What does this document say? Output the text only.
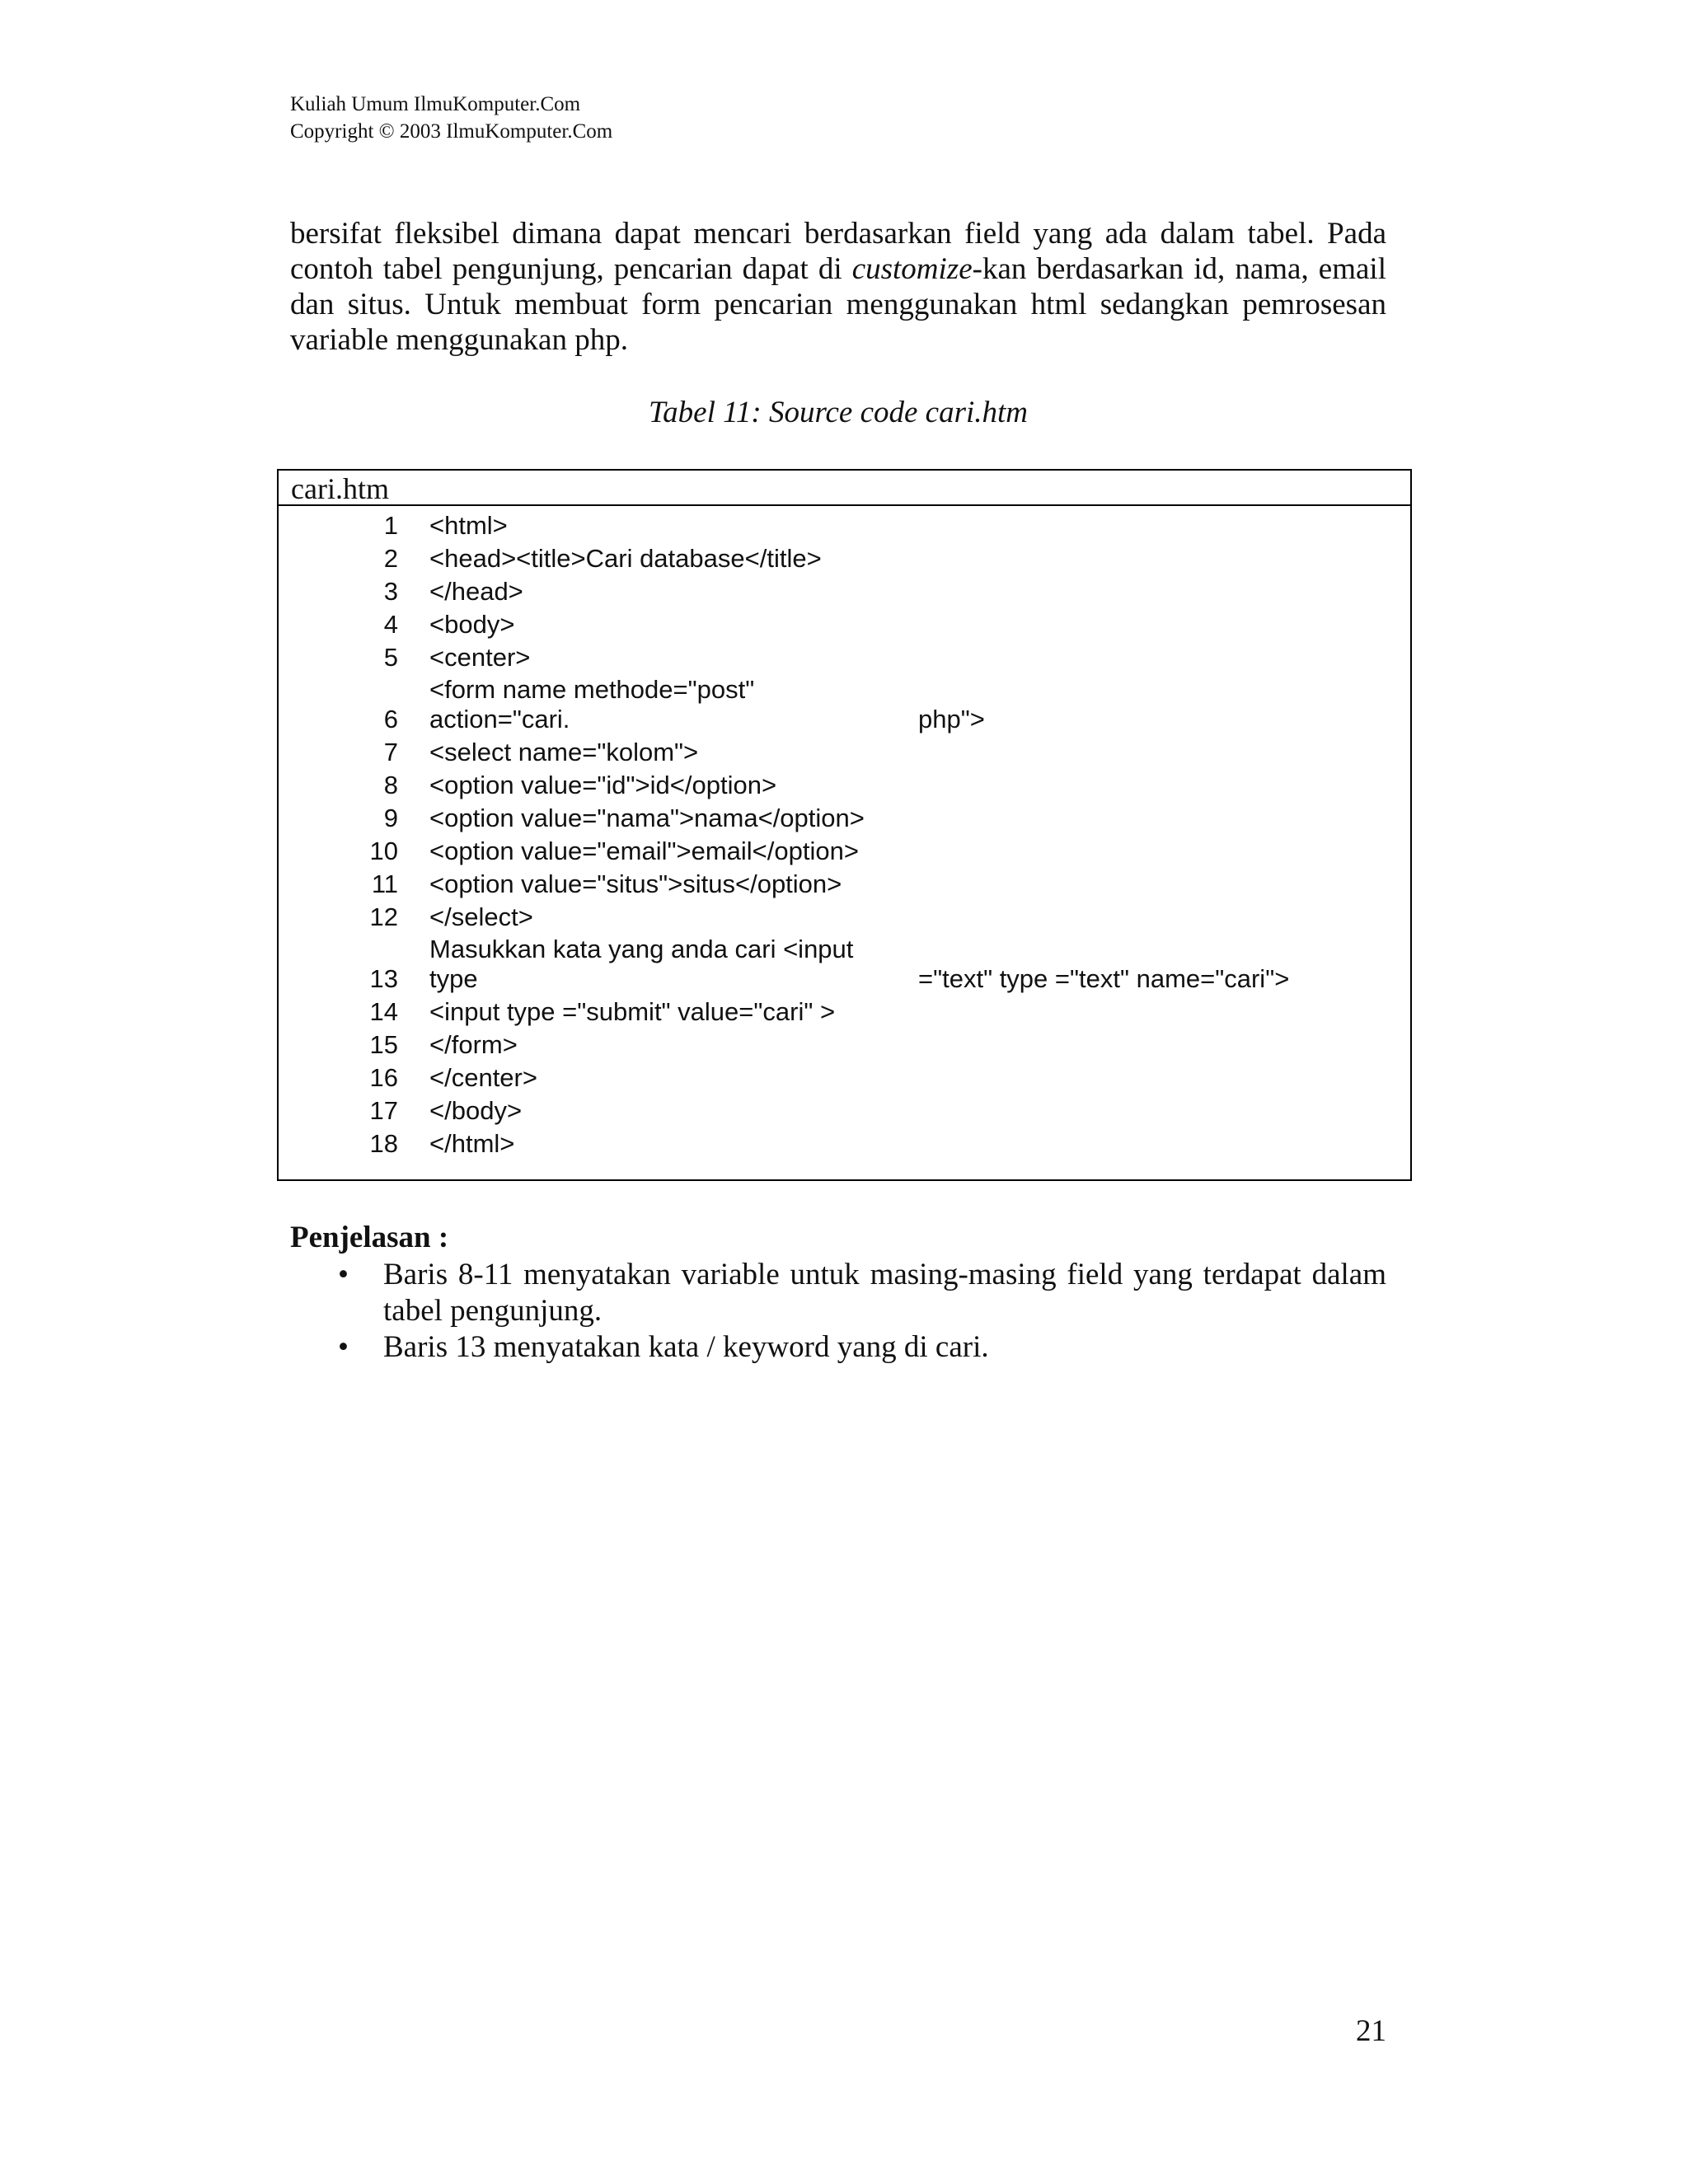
Kuliah Umum IlmuKomputer.Com
Copyright © 2003 IlmuKomputer.Com

bersifat fleksibel dimana dapat mencari berdasarkan field yang ada dalam tabel. Pada contoh tabel pengunjung, pencarian dapat di customize-kan berdasarkan id, nama, email dan situs. Untuk membuat form pencarian menggunakan html sedangkan pemrosesan variable menggunakan php.

Tabel 11: Source code cari.htm
cari.htm
1 <html>
2 <head><title>Cari database</title>
3 </head>
4 <body>
5 <center>
<form name methode="post"
6 action="cari.	php">
7 <select name="kolom">
8 <option value="id">id</option>
9 <option value="nama">nama</option>
10 <option value="email">email</option>
11 <option value="situs">situs</option>
12 </select>
Masukkan kata yang anda cari <input
13 type	="text" type ="text" name="cari">
14 <input type ="submit" value="cari" >
15 </form>
16 </center>
17 </body>
18 </html>
Penjelasan :
• Baris 8-11 menyatakan variable untuk masing-masing field yang terdapat dalam tabel pengunjung.
• Baris 13 menyatakan kata / keyword yang di cari.
21
